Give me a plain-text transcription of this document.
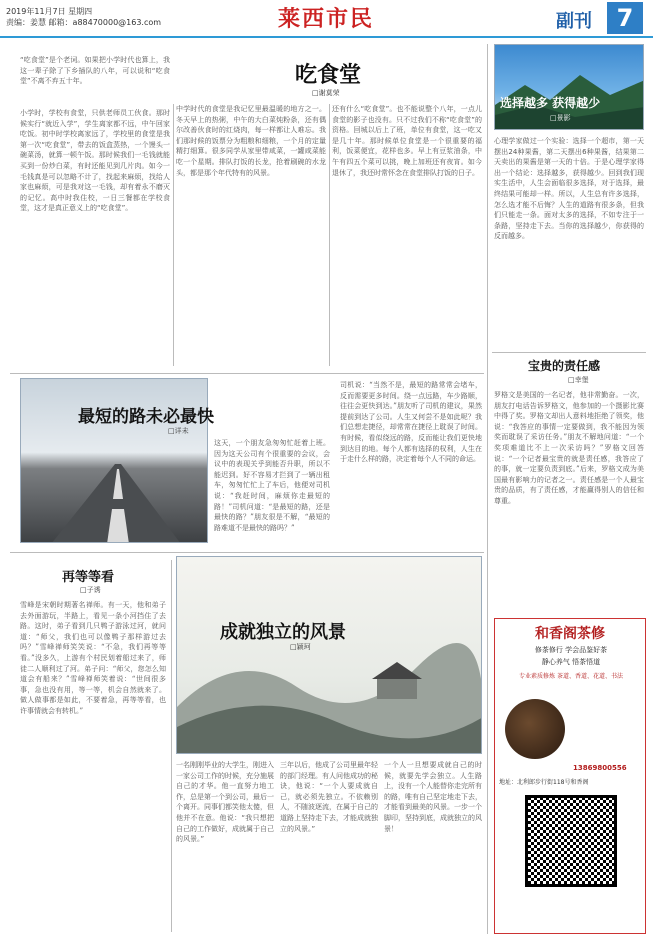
2019年11月7日 星期四
责编：姜慧 邮箱：a88470000@163.com	莱西市民	副刊	7
吃食堂
□谢莫荣
“吃食堂”是个老词。如果把小学时代也算上，我这一辈子除了下乡插队的八年，可以说和“吃食堂”不离不弃五十年。
小学时，学校有食堂，只供老师员工伙食。那时候实行“就近入学”，学生离家都不远，中午回家吃饭。初中时学校离家远了，学校里的食堂是我第一次“吃食堂”，带去的饭盒蒸热，一个馒头一碗菜汤，就算一顿午饭。那时候我们一毛钱就能买到一份炒白菜，有时还能见到几片肉。如今一毛钱真是可以忽略不计了，找起来麻烦，找给人家也麻烦，可是我对这一毛钱，却有着永不磨灭的记忆。高中时我住校，一日三餐都在学校食堂，这才是真正意义上的“吃食堂”。
中学时代的食堂是我记忆里最温暖的地方之一。冬天早上的热粥，中午的大白菜炖粉条，还有偶尔改善伙食时的红烧肉，每一样都让人难忘。我们那时候的饭票分为粗粮和细粮，一个月的定量精打细算。很多同学从家里带咸菜，一罐咸菜能吃一个星期。排队打饭的长龙，抢着刷碗的水龙头，都是那个年代特有的风景。
还有什么“吃食堂”。也不能说整个八年，一点儿食堂的影子也没有。只不过我们不称“吃食堂”的资格。回城以后上了班，单位有食堂，这一吃又是几十年。那时候单位食堂是一个很重要的福利，饭菜便宜，花样也多。早上有豆浆油条，中午有四五个菜可以挑，晚上加班还有夜宵。如今退休了，我还时常怀念在食堂排队打饭的日子。
最短的路未必最快
□详未
这天，一个朋友急匆匆忙赶着上班。因为这天公司有个很重要的会议，会议中的表现关乎到能否升职，所以不能迟到。好不容易才拦到了一辆出租车，匆匆忙忙上了车后，他便对司机说：“我赶时间，麻烦你走最短的路！”司机问道：“是最短的路，还是最快的路？”朋友很是不解，“最短的路难道不是最快的路吗？”
司机说：“当然不是，最短的路常常会堵车，反而需要更多时间。绕一点远路，车少路顺，往往会更快到达。”朋友听了司机的建议，果然提前到达了公司。人生又何尝不是如此呢？我们总想走捷径，却常常在捷径上耽误了时间。有时候，看似绕远的路，反而能让我们更快地到达目的地。每个人都有选择的权利，人生在于走什么样的路，决定着每个人不同的命运。
再等等看
□子诱
雪峰是宋朝时期著名禅师。有一天，他和弟子去外面游玩，半路上，看见一条小河挡住了去路。这时，弟子看到几只鸭子游泳过河，就问道：“师父，我们也可以像鸭子那样游过去吗？”雪峰禅师笑笑说：“不急，我们再等等看。”没多久，上游有个村民划着船过来了，师徒二人顺利过了河。弟子问：“师父，您怎么知道会有船来？”雪峰禅师笑着说：“世间很多事，急也没有用，等一等，机会自然就来了。做人做事都是如此，不要着急，再等等看，也许事情就会有转机。”
成就独立的风景
□颖珂
一名刚刚毕业的大学生，刚进入一家公司工作的时候，充分施展自己的才华。他一直努力地工作，总是第一个到公司，最后一个离开。同事们都笑他太傻，但他并不在意。他说：“我只想把自己的工作做好，成就属于自己的风景。”
三年以后，他成了公司里最年轻的部门经理。有人问他成功的秘诀，他说：“一个人要成就自己，就必须先独立。不依赖别人，不随波逐流，在属于自己的道路上坚持走下去，才能成就独立的风景。”
一个人一旦想要成就自己的时候，就要先学会独立。人生路上，没有一个人能替你走完所有的路，唯有自己坚定地走下去，才能看到最美的风景。一步一个脚印，坚持到底，成就独立的风景！
选择越多 获得越少
□景影
心理学家做过一个实验：选择一个超市，第一天摆出24种果酱，第二天摆出6种果酱，结果第二天卖出的果酱是第一天的十倍。于是心理学家得出一个结论：选择越多，获得越少。回到我们现实生活中，人生会面临很多选择，对于选择，最终结果可能却一样。所以，人生总有许多选择，怎么选才能不后悔？人生的道路有很多条，但我们只能走一条。面对太多的选择，不如专注于一条路，坚持走下去。当你的选择越少，你获得的反而越多。
宝贵的责任感
□幸堡
罗格文是美国的一名记者，他非常勤奋。一次，朋友打电话告诉罗格文，他参加的一个摄影比赛中得了奖。罗格文却出人意料地拒绝了领奖，他说：“我答应的事情一定要做到，我不能因为领奖而耽误了采访任务。”朋友不解地问道：“一个奖项难道比不上一次采访吗？”罗格文回答说：“一个记者最宝贵的就是责任感，我答应了的事，就一定要负责到底。”后来，罗格文成为美国最有影响力的记者之一。责任感是一个人最宝贵的品质，有了责任感，才能赢得别人的信任和尊重。
和香阁茶修
修茶修行 学会品鉴好茶
静心养气 悟茶悟道
专业素质修炼 茶道、香道、花道、书法
13869800556
地址：北利郎步行街118号和香阁
